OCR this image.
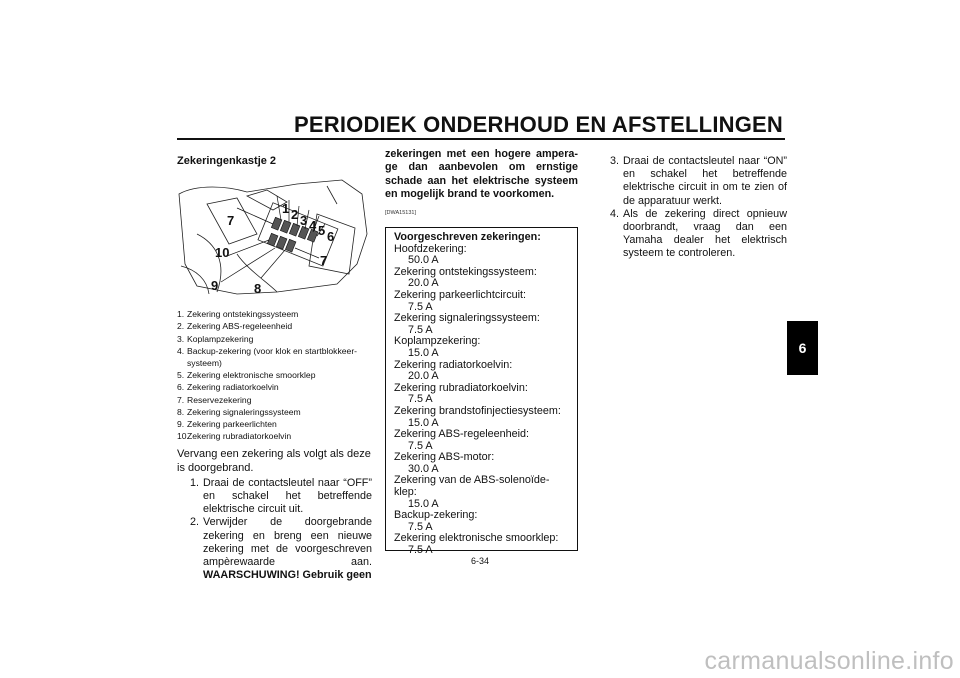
PERIODIEK ONDERHOUD EN AFSTELLINGEN
Zekeringenkastje 2
1 2 3 4 5 6
7
7
8
9
10
1. Zekering ontstekingssysteem
2. Zekering ABS-regeleenheid
3. Koplampzekering
4. Backup-zekering (voor klok en startblokkeer-systeem)
5. Zekering elektronische smoorklep
6. Zekering radiatorkoelvin
7. Reservezekering
8. Zekering signaleringssysteem
9. Zekering parkeerlichten
10.
Zekering rubradiatorkoelvin

Vervang een zekering als volgt als deze is doorgebrand.

1. Draai de contactsleutel naar “OFF” en schakel het betreffende elektrische circuit uit.
2. Verwijder de doorgebrande zekering en breng een nieuwe zekering met de voorgeschreven ampèrewaarde aan. WAARSCHUWING! Gebruik geen
zekeringen met een hogere ampera-ge dan aanbevolen om ernstige schade aan het elektrische systeem en mogelijk brand te voorkomen.
[DWA15131]
Voorgeschreven zekeringen:
Hoofdzekering:
50.0 A
Zekering ontstekingssysteem:
20.0 A
Zekering parkeerlichtcircuit:
7.5 A
Zekering signaleringssysteem:
7.5 A
Koplampzekering:
15.0 A
Zekering radiatorkoelvin:
20.0 A
Zekering rubradiatorkoelvin:
7.5 A
Zekering brandstofinjectiesysteem:
15.0 A
Zekering ABS-regeleenheid:
7.5 A
Zekering ABS-motor:
30.0 A
Zekering van de ABS-solenoïde-klep:
15.0 A
Backup-zekering:
7.5 A
Zekering elektronische smoorklep:
7.5 A
3. Draai de contactsleutel naar “ON” en schakel het betreffende elektrische circuit in om te zien of de apparatuur werkt.
4. Als de zekering direct opnieuw doorbrandt, vraag dan een Yamaha dealer het elektrisch systeem te controleren.
6
6-34
carmanualsonline.info
